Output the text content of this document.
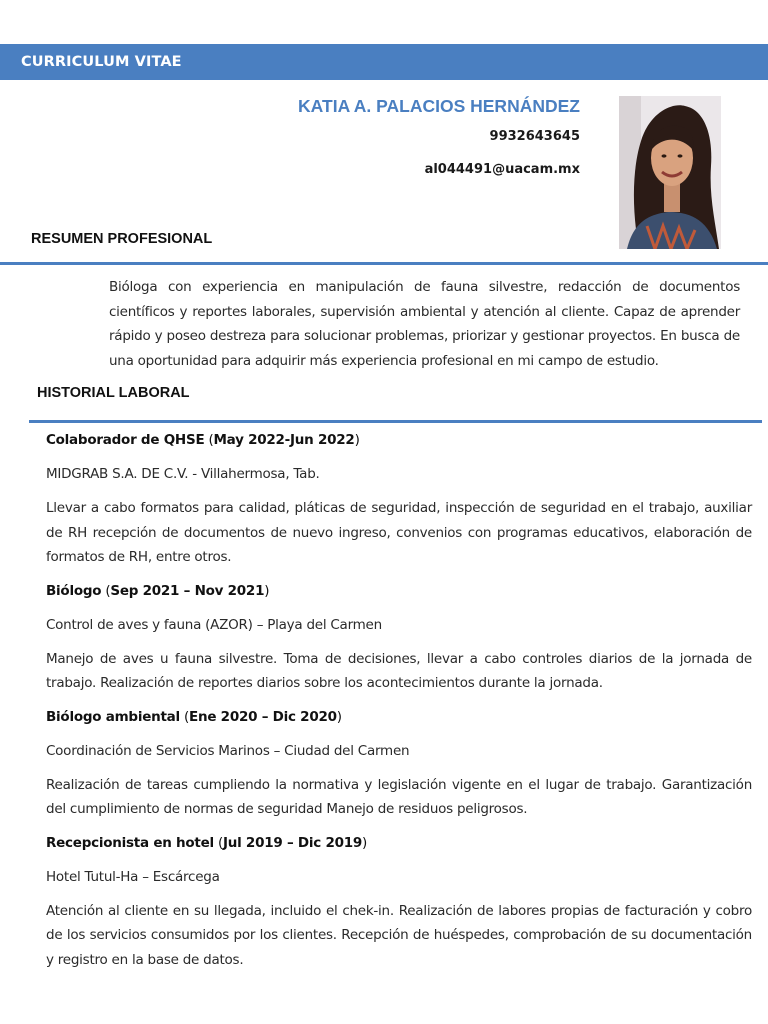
CURRICULUM VITAE
KATIA A. PALACIOS HERNÁNDEZ
9932643645
al044491@uacam.mx
RESUMEN PROFESIONAL

Bióloga con experiencia en manipulación de fauna silvestre, redacción de documentos científicos y reportes laborales, supervisión ambiental y atención al cliente. Capaz de aprender rápido y poseo destreza para solucionar problemas, priorizar y gestionar proyectos. En busca de una oportunidad para adquirir más experiencia profesional en mi campo de estudio.

HISTORIAL LABORAL

Colaborador de QHSE (May 2022-Jun 2022)

MIDGRAB S.A. DE C.V. - Villahermosa, Tab.

Llevar a cabo formatos para calidad, pláticas de seguridad, inspección de seguridad en el trabajo, auxiliar de RH recepción de documentos de nuevo ingreso, convenios con programas educativos, elaboración de formatos de RH, entre otros.

Biólogo (Sep 2021 – Nov 2021)

Control de aves y fauna (AZOR) – Playa del Carmen

Manejo de aves u fauna silvestre. Toma de decisiones, llevar a cabo controles diarios de la jornada de trabajo. Realización de reportes diarios sobre los acontecimientos durante la jornada.

Biólogo ambiental (Ene 2020 – Dic 2020)

Coordinación de Servicios Marinos – Ciudad del Carmen

Realización de tareas cumpliendo la normativa y legislación vigente en el lugar de trabajo. Garantización del cumplimiento de normas de seguridad Manejo de residuos peligrosos.

Recepcionista en hotel (Jul 2019 – Dic 2019)

Hotel Tutul-Ha – Escárcega

Atención al cliente en su llegada, incluido el chek-in. Realización de labores propias de facturación y cobro de los servicios consumidos por los clientes. Recepción de huéspedes, comprobación de su documentación y registro en la base de datos.
